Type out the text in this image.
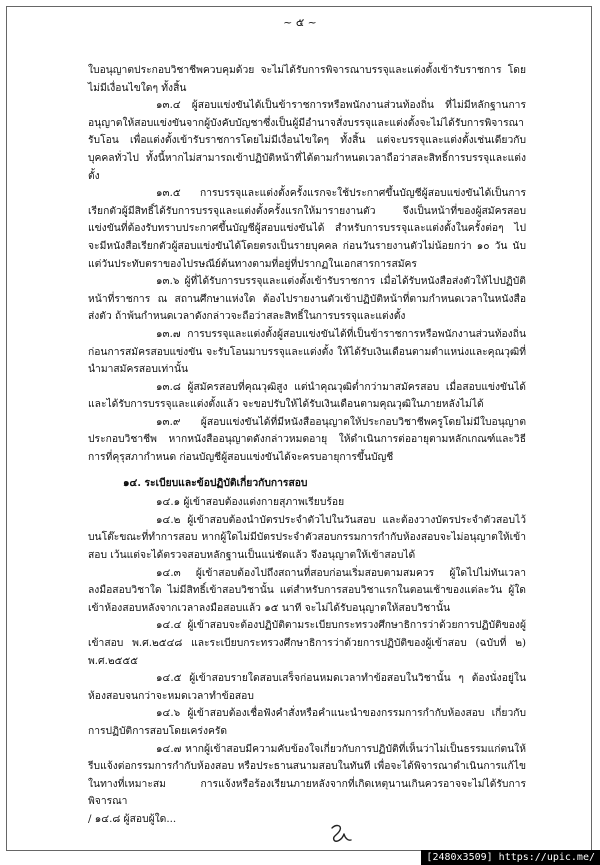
~ ๕ ~

ใบอนุญาตประกอบวิชาชีพควบคุมด้วย จะไม่ได้รับการพิจารณาบรรจุและแต่งตั้งเข้ารับราชการ โดยไม่มีเงื่อนไขใดๆ ทั้งสิ้น

๑๓.๔ ผู้สอบแข่งขันได้เป็นข้าราชการหรือพนักงานส่วนท้องถิ่น ที่ไม่มีหลักฐานการอนุญาตให้สอบแข่งขันจากผู้บังคับบัญชาซึ่งเป็นผู้มีอำนาจสั่งบรรจุและแต่งตั้งจะไม่ได้รับการพิจารณารับโอน เพื่อแต่งตั้งเข้ารับราชการโดยไม่มีเงื่อนไขใดๆ ทั้งสิ้น แต่จะบรรจุและแต่งตั้งเช่นเดียวกับบุคคลทั่วไป ทั้งนี้หากไม่สามารถเข้าปฏิบัติหน้าที่ได้ตามกำหนดเวลาถือว่าสละสิทธิ์การบรรจุและแต่งตั้ง

๑๓.๕ การบรรจุและแต่งตั้งครั้งแรกจะใช้ประกาศขึ้นบัญชีผู้สอบแข่งขันได้เป็นการเรียกตัวผู้มีสิทธิ์ได้รับการบรรจุและแต่งตั้งครั้งแรกให้มารายงานตัว จึงเป็นหน้าที่ของผู้สมัครสอบแข่งขันที่ต้องรับทราบประกาศขึ้นบัญชีผู้สอบแข่งขันได้ สำหรับการบรรจุและแต่งตั้งในครั้งต่อๆ ไป จะมีหนังสือเรียกตัวผู้สอบแข่งขันได้โดยตรงเป็นรายบุคคล ก่อนวันรายงานตัวไม่น้อยกว่า ๑๐ วัน นับแต่วันประทับตราของไปรษณีย์ต้นทางตามที่อยู่ที่ปรากฏในเอกสารการสมัคร

๑๓.๖ ผู้ที่ได้รับการบรรจุและแต่งตั้งเข้ารับราชการ เมื่อได้รับหนังสือส่งตัวให้ไปปฏิบัติหน้าที่ราชการ ณ สถานศึกษาแห่งใด ต้องไปรายงานตัวเข้าปฏิบัติหน้าที่ตามกำหนดเวลาในหนังสือส่งตัว ถ้าพ้นกำหนดเวลาดังกล่าวจะถือว่าสละสิทธิ์ในการบรรจุและแต่งตั้ง

๑๓.๗ การบรรจุและแต่งตั้งผู้สอบแข่งขันได้ที่เป็นข้าราชการหรือพนักงานส่วนท้องถิ่นก่อนการสมัครสอบแข่งขัน จะรับโอนมาบรรจุและแต่งตั้ง ให้ได้รับเงินเดือนตามตำแหน่งและคุณวุฒิที่นำมาสมัครสอบเท่านั้น

๑๓.๘ ผู้สมัครสอบที่คุณวุฒิสูง แต่นำคุณวุฒิต่ำกว่ามาสมัครสอบ เมื่อสอบแข่งขันได้และได้รับการบรรจุและแต่งตั้งแล้ว จะขอปรับให้ได้รับเงินเดือนตามคุณวุฒิในภายหลังไม่ได้

๑๓.๙ ผู้สอบแข่งขันได้ที่มีหนังสืออนุญาตให้ประกอบวิชาชีพครูโดยไม่มีใบอนุญาตประกอบวิชาชีพ หากหนังสืออนุญาตดังกล่าวหมดอายุ ให้ดำเนินการต่ออายุตามหลักเกณฑ์และวิธีการที่คุรุสภากำหนด ก่อนบัญชีผู้สอบแข่งขันได้จะครบอายุการขึ้นบัญชี

๑๔. ระเบียบและข้อปฏิบัติเกี่ยวกับการสอบ

๑๔.๑ ผู้เข้าสอบต้องแต่งกายสุภาพเรียบร้อย

๑๔.๒ ผู้เข้าสอบต้องนำบัตรประจำตัวไปในวันสอบ และต้องวางบัตรประจำตัวสอบไว้บนโต๊ะขณะที่ทำการสอบ หากผู้ใดไม่มีบัตรประจำตัวสอบกรรมการกำกับห้องสอบจะไม่อนุญาตให้เข้าสอบ เว้นแต่จะได้ตรวจสอบหลักฐานเป็นแน่ชัดแล้ว จึงอนุญาตให้เข้าสอบได้

๑๔.๓ ผู้เข้าสอบต้องไปถึงสถานที่สอบก่อนเริ่มสอบตามสมควร ผู้ใดไปไม่ทันเวลาลงมือสอบวิชาใด ไม่มีสิทธิ์เข้าสอบวิชานั้น แต่สำหรับการสอบวิชาแรกในตอนเช้าของแต่ละวัน ผู้ใดเข้าห้องสอบหลังจากเวลาลงมือสอบแล้ว ๑๕ นาที จะไม่ได้รับอนุญาตให้สอบวิชานั้น

๑๔.๔ ผู้เข้าสอบจะต้องปฏิบัติตามระเบียบกระทรวงศึกษาธิการว่าด้วยการปฏิบัติของผู้เข้าสอบ พ.ศ.๒๕๔๘ และระเบียบกระทรวงศึกษาธิการว่าด้วยการปฏิบัติของผู้เข้าสอบ (ฉบับที่ ๒) พ.ศ.๒๕๕๕

๑๔.๕ ผู้เข้าสอบรายใดสอบเสร็จก่อนหมดเวลาทำข้อสอบในวิชานั้น ๆ ต้องนั่งอยู่ในห้องสอบจนกว่าจะหมดเวลาทำข้อสอบ

๑๔.๖ ผู้เข้าสอบต้องเชื่อฟังคำสั่งหรือคำแนะนำของกรรมการกำกับห้องสอบ เกี่ยวกับการปฏิบัติการสอบโดยเคร่งครัด

๑๔.๗ หากผู้เข้าสอบมีความคับข้องใจเกี่ยวกับการปฏิบัติที่เห็นว่าไม่เป็นธรรมแก่ตนให้รีบแจ้งต่อกรรมการกำกับห้องสอบ หรือประธานสนามสอบในทันที เพื่อจะได้พิจารณาดำเนินการแก้ไขในทางที่เหมาะสม การแจ้งหรือร้องเรียนภายหลังจากที่เกิดเหตุนานเกินควรอาจจะไม่ได้รับการพิจารณา

/ ๑๔.๘ ผู้สอบผู้ใด...

[2480x3509] https://upic.me/
